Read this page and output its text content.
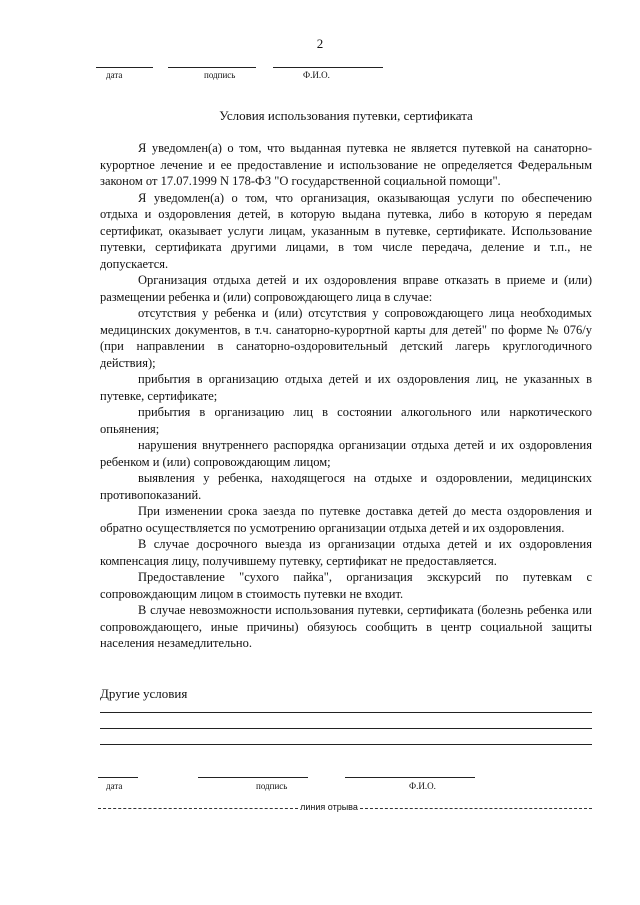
2
дата	подпись	Ф.И.О.
Условия использования путевки, сертификата

Я уведомлен(а) о том, что выданная путевка не является путевкой на санаторно-курортное лечение и ее предоставление и использование не определяется Федеральным законом от 17.07.1999 N 178-ФЗ "О государственной социальной помощи".

Я уведомлен(а) о том, что организация, оказывающая услуги по обеспечению отдыха и оздоровления детей, в которую выдана путевка, либо в которую я передам сертификат, оказывает услуги лицам, указанным в путевке, сертификате. Использование путевки, сертификата другими лицами, в том числе передача, деление и т.п., не допускается.

Организация отдыха детей и их оздоровления вправе отказать в приеме и (или) размещении ребенка и (или) сопровождающего лица в случае:

отсутствия у ребенка и (или) отсутствия у сопровождающего лица необходимых медицинских документов, в т.ч. санаторно-курортной карты для детей" по форме № 076/у (при направлении в санаторно-оздоровительный детский лагерь круглогодичного действия);

прибытия в организацию отдыха детей и их оздоровления лиц, не указанных в путевке, сертификате;

прибытия в организацию лиц в состоянии алкогольного или наркотического опьянения;

нарушения внутреннего распорядка организации отдыха детей и их оздоровления ребенком и (или) сопровождающим лицом;

выявления у ребенка, находящегося на отдыхе и оздоровлении, медицинских противопоказаний.

При изменении срока заезда по путевке доставка детей до места оздоровления и обратно осуществляется по усмотрению организации отдыха детей и их оздоровления.

В случае досрочного выезда из организации отдыха детей и их оздоровления компенсация лицу, получившему путевку, сертификат не предоставляется.

Предоставление "сухого пайка", организация экскурсий по путевкам с сопровождающим лицом в стоимость путевки не входит.

В случае невозможности использования путевки, сертификата (болезнь ребенка или сопровождающего, иные причины) обязуюсь сообщить в центр социальной защиты населения незамедлительно.

Другие условия
дата	подпись	Ф.И.О.
линия отрыва
